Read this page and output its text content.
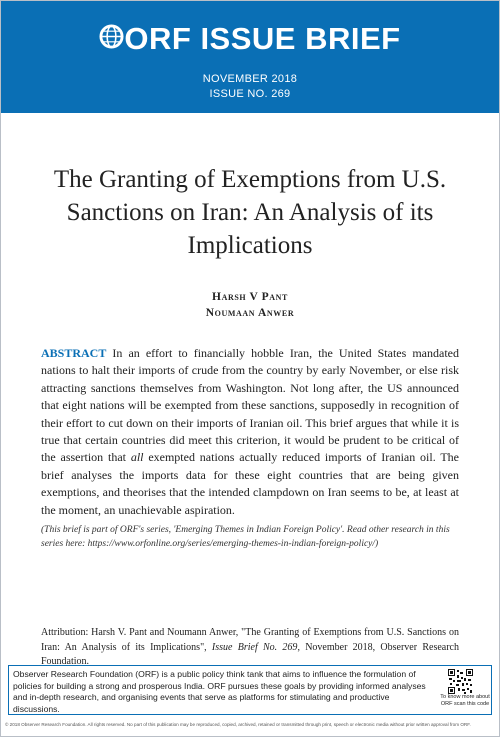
ORF ISSUE BRIEF
NOVEMBER 2018
ISSUE NO. 269
The Granting of Exemptions from U.S. Sanctions on Iran: An Analysis of its Implications
Harsh V Pant
Noumaan Anwer

ABSTRACT In an effort to financially hobble Iran, the United States mandated nations to halt their imports of crude from the country by early November, or else risk attracting sanctions themselves from Washington. Not long after, the US announced that eight nations will be exempted from these sanctions, supposedly in recognition of their effort to cut down on their imports of Iranian oil. This brief argues that while it is true that certain countries did meet this criterion, it would be prudent to be critical of the assertion that all exempted nations actually reduced imports of Iranian oil. The brief analyses the imports data for these eight countries that are being given exemptions, and theorises that the intended clampdown on Iran seems to be, at least at the moment, an unachievable aspiration.

(This brief is part of ORF's series, 'Emerging Themes in Indian Foreign Policy'. Read other research in this series here: https://www.orfonline.org/series/emerging-themes-in-indian-foreign-policy/)

Attribution: Harsh V. Pant and Noumann Anwer, "The Granting of Exemptions from U.S. Sanctions on Iran: An Analysis of its Implications", Issue Brief No. 269, November 2018, Observer Research Foundation.

Observer Research Foundation (ORF) is a public policy think tank that aims to influence the formulation of policies for building a strong and prosperous India. ORF pursues these goals by providing informed analyses and in-depth research, and organising events that serve as platforms for stimulating and productive discussions.

To know more about ORF scan this code
© 2018 Observer Research Foundation. All rights reserved. No part of this publication may be reproduced, copied, archived, retained or transmitted through print, speech or electronic media without prior written approval from ORF.
